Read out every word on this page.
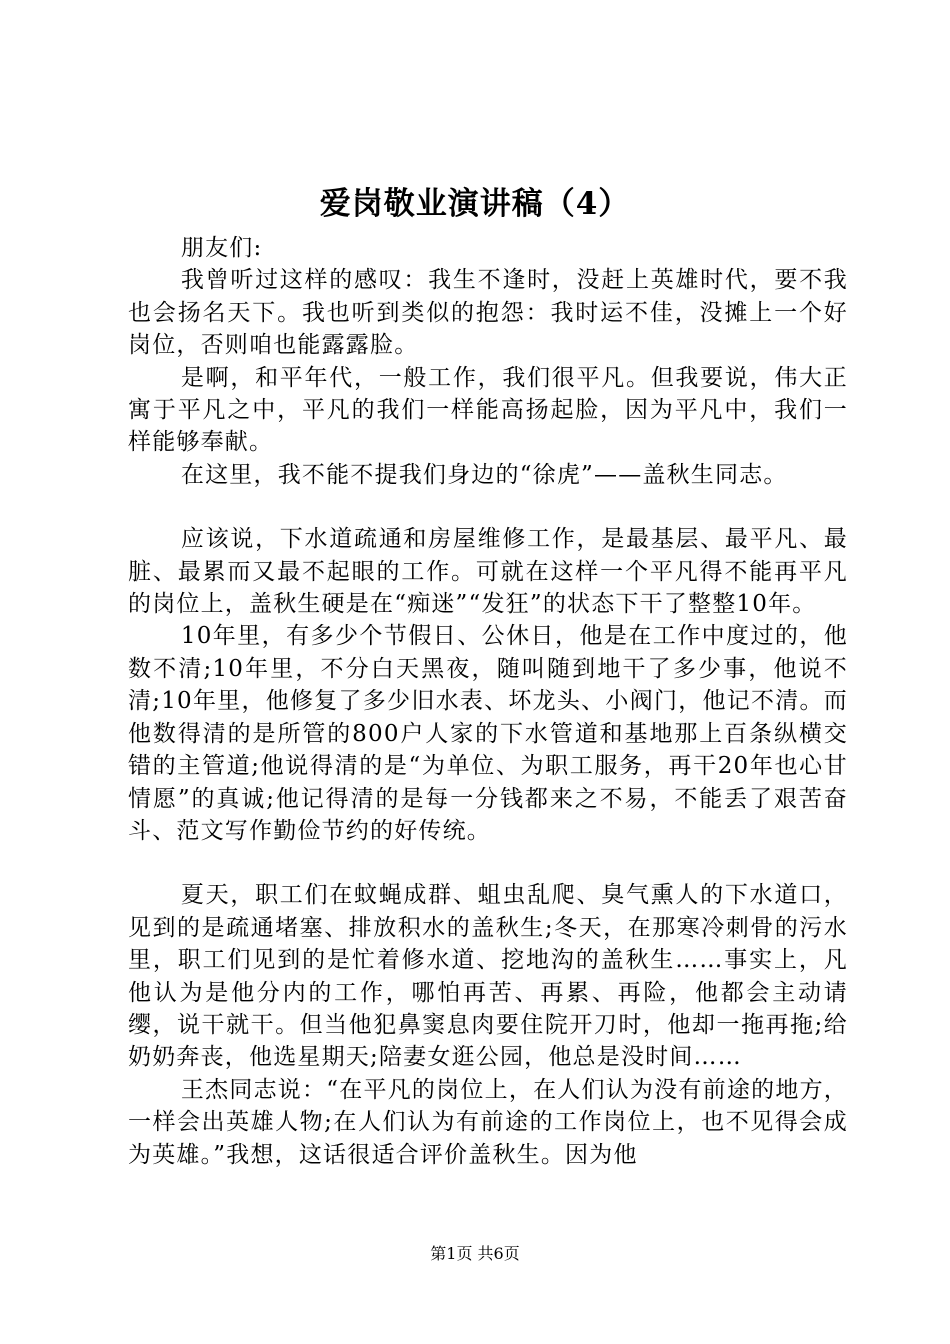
爱岗敬业演讲稿（4）

朋友们:

我曾听过这样的感叹：我生不逢时，没赶上英雄时代，要不我也会扬名天下。我也听到类似的抱怨：我时运不佳，没摊上一个好岗位，否则咱也能露露脸。

是啊，和平年代，一般工作，我们很平凡。但我要说，伟大正寓于平凡之中，平凡的我们一样能高扬起脸，因为平凡中，我们一样能够奉献。

在这里，我不能不提我们身边的“徐虎”——盖秋生同志。

应该说，下水道疏通和房屋维修工作，是最基层、最平凡、最脏、最累而又最不起眼的工作。可就在这样一个平凡得不能再平凡的岗位上，盖秋生硬是在“痴迷”“发狂”的状态下干了整整10年。

10年里，有多少个节假日、公休日，他是在工作中度过的，他数不清;10年里，不分白天黑夜，随叫随到地干了多少事，他说不清;10年里，他修复了多少旧水表、坏龙头、小阀门，他记不清。而他数得清的是所管的800户人家的下水管道和基地那上百条纵横交错的主管道;他说得清的是“为单位、为职工服务，再干20年也心甘情愿”的真诚;他记得清的是每一分钱都来之不易，不能丢了艰苦奋斗、范文写作勤俭节约的好传统。

夏天，职工们在蚊蝇成群、蛆虫乱爬、臭气熏人的下水道口，见到的是疏通堵塞、排放积水的盖秋生;冬天，在那寒冷刺骨的污水里，职工们见到的是忙着修水道、挖地沟的盖秋生……事实上，凡他认为是他分内的工作，哪怕再苦、再累、再险，他都会主动请缨，说干就干。但当他犯鼻窦息肉要住院开刀时，他却一拖再拖;给奶奶奔丧，他选星期天;陪妻女逛公园，他总是没时间……

王杰同志说：“在平凡的岗位上，在人们认为没有前途的地方，一样会出英雄人物;在人们认为有前途的工作岗位上，也不见得会成为英雄。”我想，这话很适合评价盖秋生。因为他

第1页 共6页
